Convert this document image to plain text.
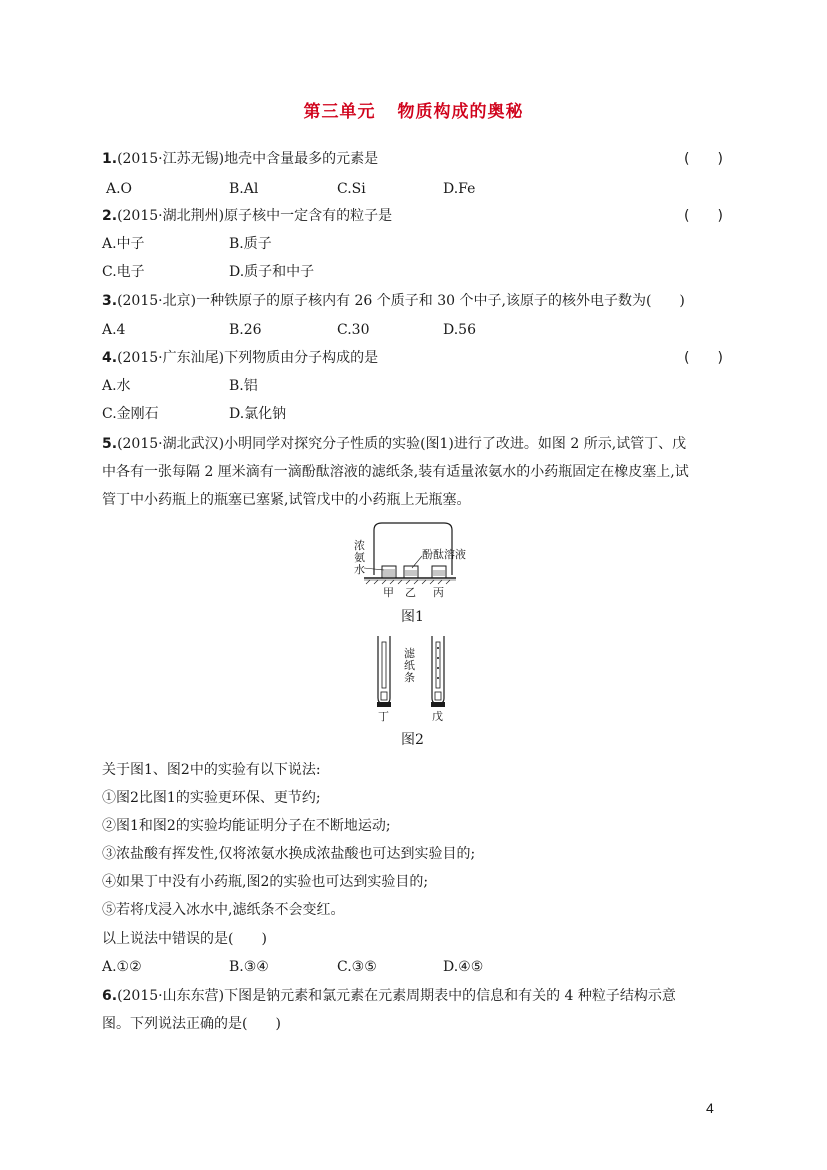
第三单元 物质构成的奥秘
1.(2015·江苏无锡)地壳中含量最多的元素是	(　　)
A.O	B.Al	C.Si	D.Fe
2.(2015·湖北荆州)原子核中一定含有的粒子是	(　　)
A.中子	B.质子
C.电子	D.质子和中子
3.(2015·北京)一种铁原子的原子核内有 26 个质子和 30 个中子,该原子的核外电子数为(　　)
A.4	B.26	C.30	D.56
4.(2015·广东汕尾)下列物质由分子构成的是	(　　)
A.水	B.铝
C.金刚石	D.氯化钠
5.(2015·湖北武汉)小明同学对探究分子性质的实验(图1)进行了改进。如图 2 所示,试管丁、戊
中各有一张每隔 2 厘米滴有一滴酚酞溶液的滤纸条,装有适量浓氨水的小药瓶固定在橡皮塞上,试
管丁中小药瓶上的瓶塞已塞紧,试管戊中的小药瓶上无瓶塞。
浓
氨
水
酚酞溶液
甲 乙 丙
图1
滤
纸
条
丁	戊
图2
关于图1、图2中的实验有以下说法:
①图2比图1的实验更环保、更节约;
②图1和图2的实验均能证明分子在不断地运动;
③浓盐酸有挥发性,仅将浓氨水换成浓盐酸也可达到实验目的;
④如果丁中没有小药瓶,图2的实验也可达到实验目的;
⑤若将戊浸入冰水中,滤纸条不会变红。
以上说法中错误的是(　　)
A.①②	B.③④	C.③⑤	D.④⑤
6.(2015·山东东营)下图是钠元素和氯元素在元素周期表中的信息和有关的 4 种粒子结构示意
图。下列说法正确的是(　　)
4
